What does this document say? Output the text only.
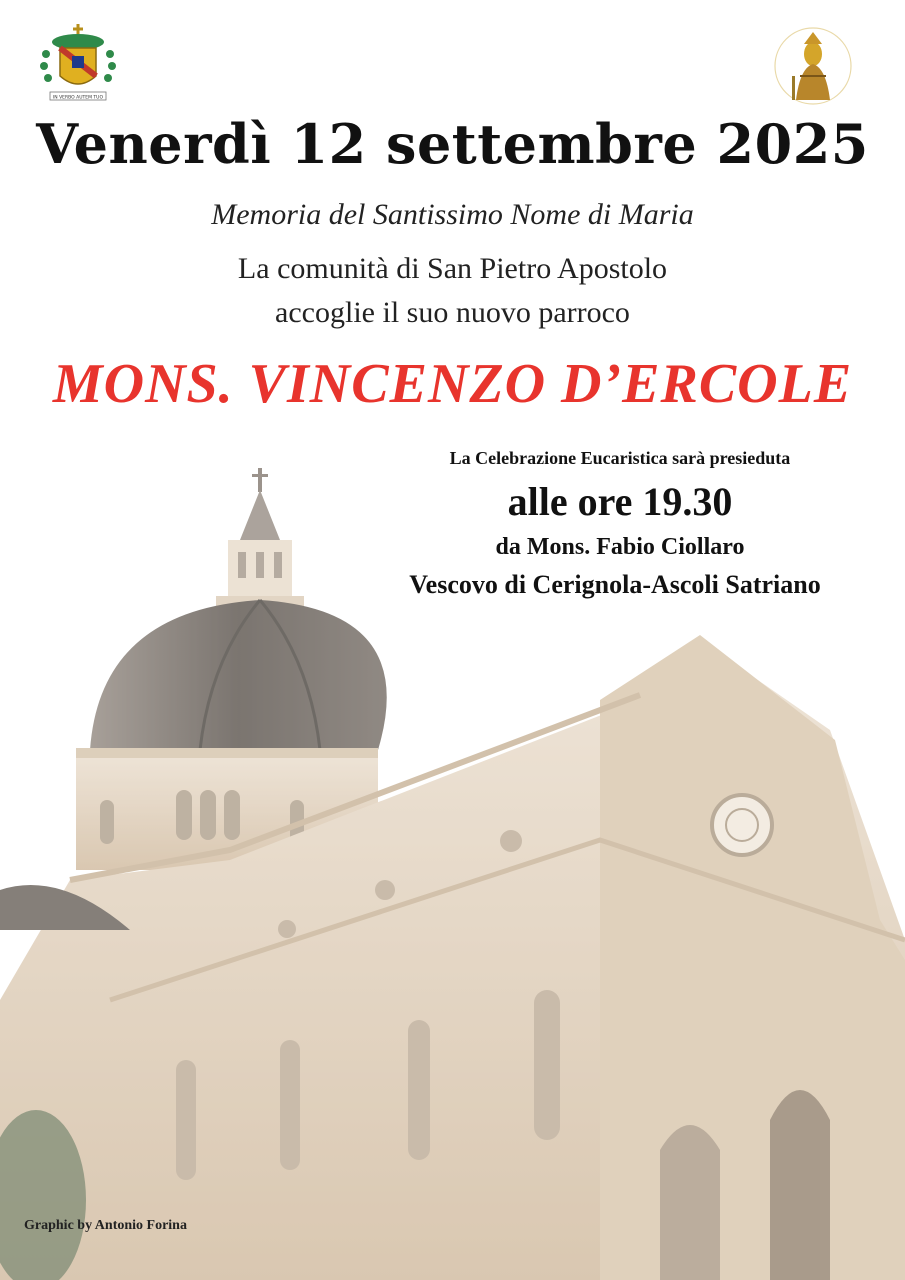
IN VERBO AUTEM TUO
Venerdì 12 settembre 2025
Memoria del Santissimo Nome di Maria
La comunità di San Pietro Apostolo
accoglie il suo nuovo parroco
MONS. VINCENZO D’ERCOLE
La Celebrazione Eucaristica sarà presieduta
alle ore 19.30
da Mons. Fabio Ciollaro
Vescovo di Cerignola-Ascoli Satriano
Graphic by Antonio Forina
